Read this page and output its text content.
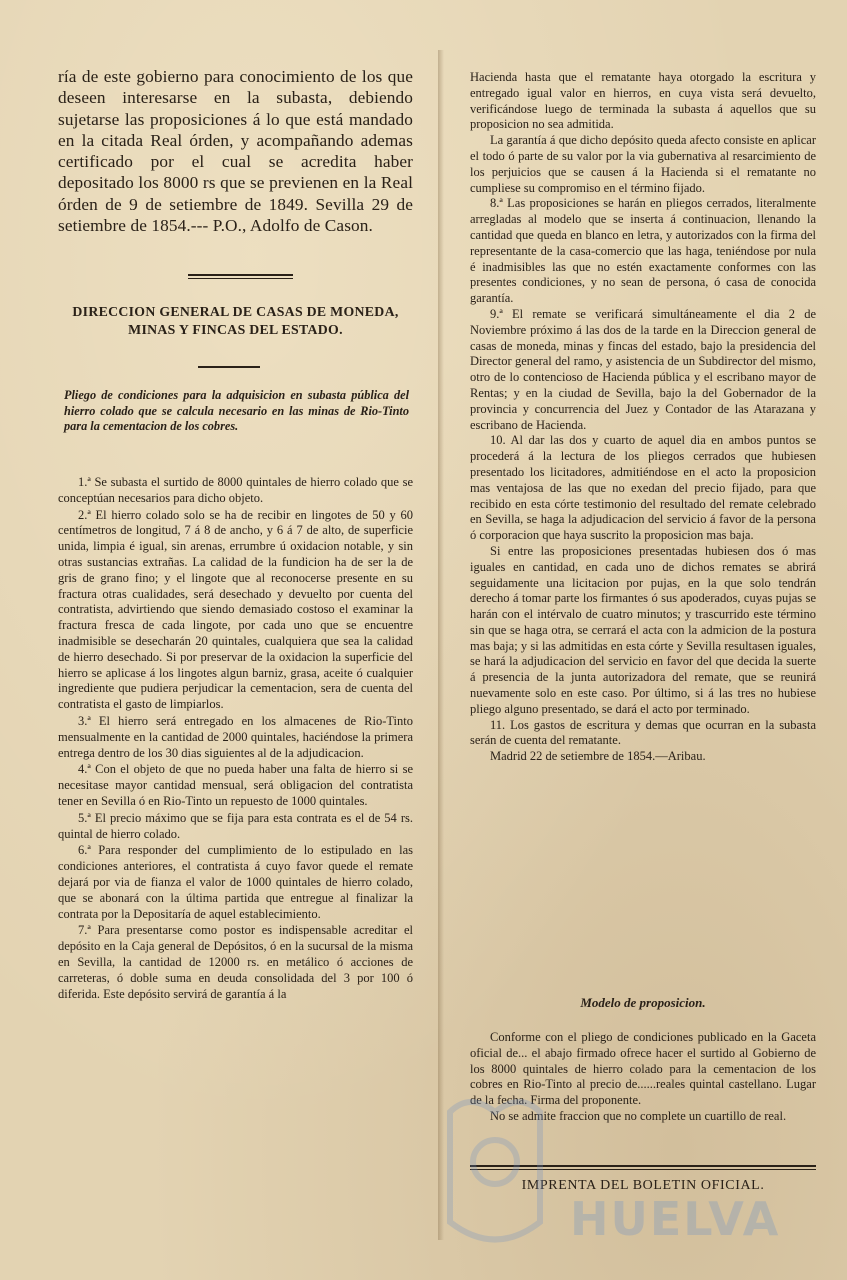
ría de este gobierno para conocimiento de los que deseen interesarse en la subasta, debiendo sujetarse las proposiciones á lo que está mandado en la citada Real órden, y acompañando ademas certificado por el cual se acredita haber depositado los 8000 rs que se previenen en la Real órden de 9 de setiembre de 1849. Sevilla 29 de setiembre de 1854.--- P.O., Adolfo de Cason.

DIRECCION GENERAL DE CASAS DE MONEDA,
MINAS Y FINCAS DEL ESTADO.

Pliego de condiciones para la adquisicion en subasta pública del hierro colado que se calcula necesario en las minas de Rio-Tinto para la cementacion de los cobres.

1.ª Se subasta el surtido de 8000 quintales de hierro colado que se conceptúan necesarios para dicho objeto.

2.ª El hierro colado solo se ha de recibir en lingotes de 50 y 60 centímetros de longitud, 7 á 8 de ancho, y 6 á 7 de alto, de superficie unida, limpia é igual, sin arenas, errumbre ú oxidacion notable, y sin otras sustancias extrañas. La calidad de la fundicion ha de ser la de gris de grano fino; y el lingote que al reconocerse presente en su fractura otras cualidades, será desechado y devuelto por cuenta del contratista, advirtiendo que siendo demasiado costoso el examinar la fractura fresca de cada lingote, por cada uno que se encuentre inadmisible se desecharán 20 quintales, cualquiera que sea la calidad de hierro desechado. Si por preservar de la oxidacion la superficie del hierro se aplicase á los lingotes algun barniz, grasa, aceite ó cualquier ingrediente que pudiera perjudicar la cementacion, sera de cuenta del contratista el gasto de limpiarlos.

3.ª El hierro será entregado en los almacenes de Rio-Tinto mensualmente en la cantidad de 2000 quintales, haciéndose la primera entrega dentro de los 30 dias siguientes al de la adjudicacion.

4.ª Con el objeto de que no pueda haber una falta de hierro si se necesitase mayor cantidad mensual, será obligacion del contratista tener en Sevilla ó en Rio-Tinto un repuesto de 1000 quintales.

5.ª El precio máximo que se fija para esta contrata es el de 54 rs. quintal de hierro colado.

6.ª Para responder del cumplimiento de lo estipulado en las condiciones anteriores, el contratista á cuyo favor quede el remate dejará por via de fianza el valor de 1000 quintales de hierro colado, que se abonará con la última partida que entregue al finalizar la contrata por la Depositaría de aquel establecimiento.

7.ª Para presentarse como postor es indispensable acreditar el depósito en la Caja general de Depósitos, ó en la sucursal de la misma en Sevilla, la cantidad de 12000 rs. en metálico ó acciones de carreteras, ó doble suma en deuda consolidada del 3 por 100 ó diferida. Este depósito servirá de garantía á la

Hacienda hasta que el rematante haya otorgado la escritura y entregado igual valor en hierros, en cuya vista será devuelto, verificándose luego de terminada la subasta á aquellos que su proposicion no sea admitida.

La garantía á que dicho depósito queda afecto consiste en aplicar el todo ó parte de su valor por la via gubernativa al resarcimiento de los perjuicios que se causen á la Hacienda si el rematante no cumpliese su compromiso en el término fijado.

8.ª Las proposiciones se harán en pliegos cerrados, literalmente arregladas al modelo que se inserta á continuacion, llenando la cantidad que queda en blanco en letra, y autorizados con la firma del representante de la casa-comercio que las haga, teniéndose por nula é inadmisibles las que no estén exactamente conformes con las presentes condiciones, y no sean de persona, ó casa de conocida garantía.

9.ª El remate se verificará simultáneamente el dia 2 de Noviembre próximo á las dos de la tarde en la Direccion general de casas de moneda, minas y fincas del estado, bajo la presidencia del Director general del ramo, y asistencia de un Subdirector del mismo, otro de lo contencioso de Hacienda pública y el escribano mayor de Rentas; y en la ciudad de Sevilla, bajo la del Gobernador de la provincia y concurrencia del Juez y Contador de las Atarazana y escribano de Hacienda.

10. Al dar las dos y cuarto de aquel dia en ambos puntos se procederá á la lectura de los pliegos cerrados que hubiesen presentado los licitadores, admitiéndose en el acto la proposicion mas ventajosa de las que no exedan del precio fijado, para que recibido en esta córte testimonio del resultado del remate celebrado en Sevilla, se haga la adjudicacion del servicio á favor de la persona ó corporacion que haya suscrito la proposicion mas baja.

Si entre las proposiciones presentadas hubiesen dos ó mas iguales en cantidad, en cada uno de dichos remates se abrirá seguidamente una licitacion por pujas, en la que solo tendrán derecho á tomar parte los firmantes ó sus apoderados, cuyas pujas se harán con el intérvalo de cuatro minutos; y trascurrido este término sin que se haga otra, se cerrará el acta con la admicion de la postura mas baja; y si las admitidas en esta córte y Sevilla resultasen iguales, se hará la adjudicacion del servicio en favor del que decida la suerte á presencia de la junta autorizadora del remate, que se reunirá nuevamente solo en este caso. Por último, si á las tres no hubiese pliego alguno presentado, se dará el acto por terminado.

11. Los gastos de escritura y demas que ocurran en la subasta serán de cuenta del rematante.

Madrid 22 de setiembre de 1854.—Aribau.

Modelo de proposicion.

Conforme con el pliego de condiciones publicado en la Gaceta oficial de... el abajo firmado ofrece hacer el surtido al Gobierno de los 8000 quintales de hierro colado para la cementacion de los cobres en Rio-Tinto al precio de......reales quintal castellano. Lugar de la fecha. Firma del proponente.

No se admite fraccion que no complete un cuartillo de real.

IMPRENTA DEL BOLETIN OFICIAL.
HUELVA
